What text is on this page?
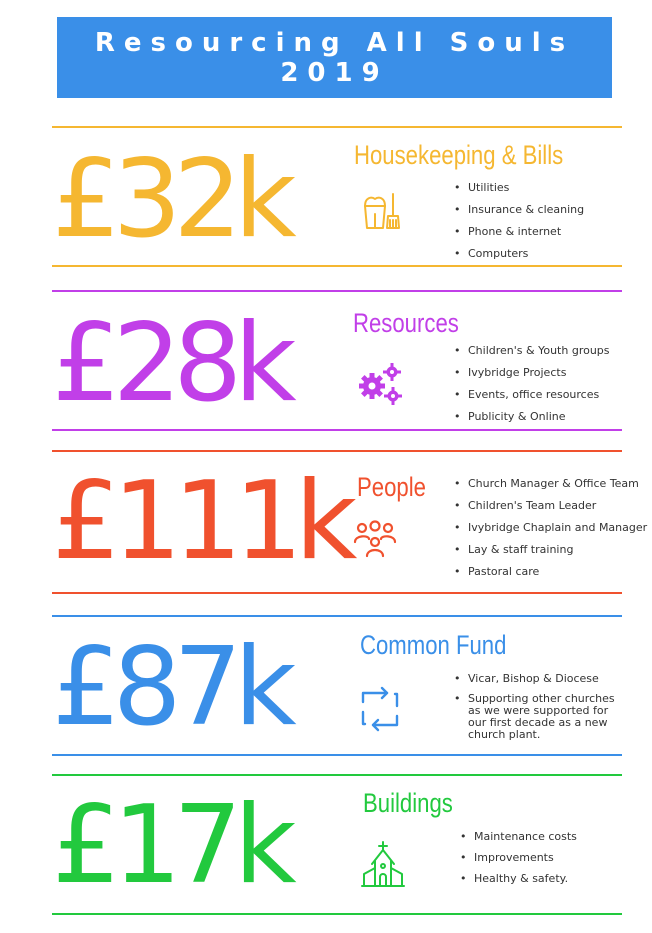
Resourcing All Souls
2019
£32k Housekeeping & Bills
• Utilities
• Insurance & cleaning
• Phone & internet
• Computers
£28k Resources
• Children's & Youth groups
• Ivybridge Projects
• Events, office resources
• Publicity & Online
£111k People
•	Church Manager & Office Team
• Children's Team Leader
• Ivybridge Chaplain and Manager
• Lay & staff training
• Pastoral care
£87k	Common Fund
• Vicar, Bishop & Diocese
• Supporting other churches as we were supported for our first decade as a new church plant.
£17k	Buildings
• Maintenance costs
• Improvements
• Healthy & safety.
